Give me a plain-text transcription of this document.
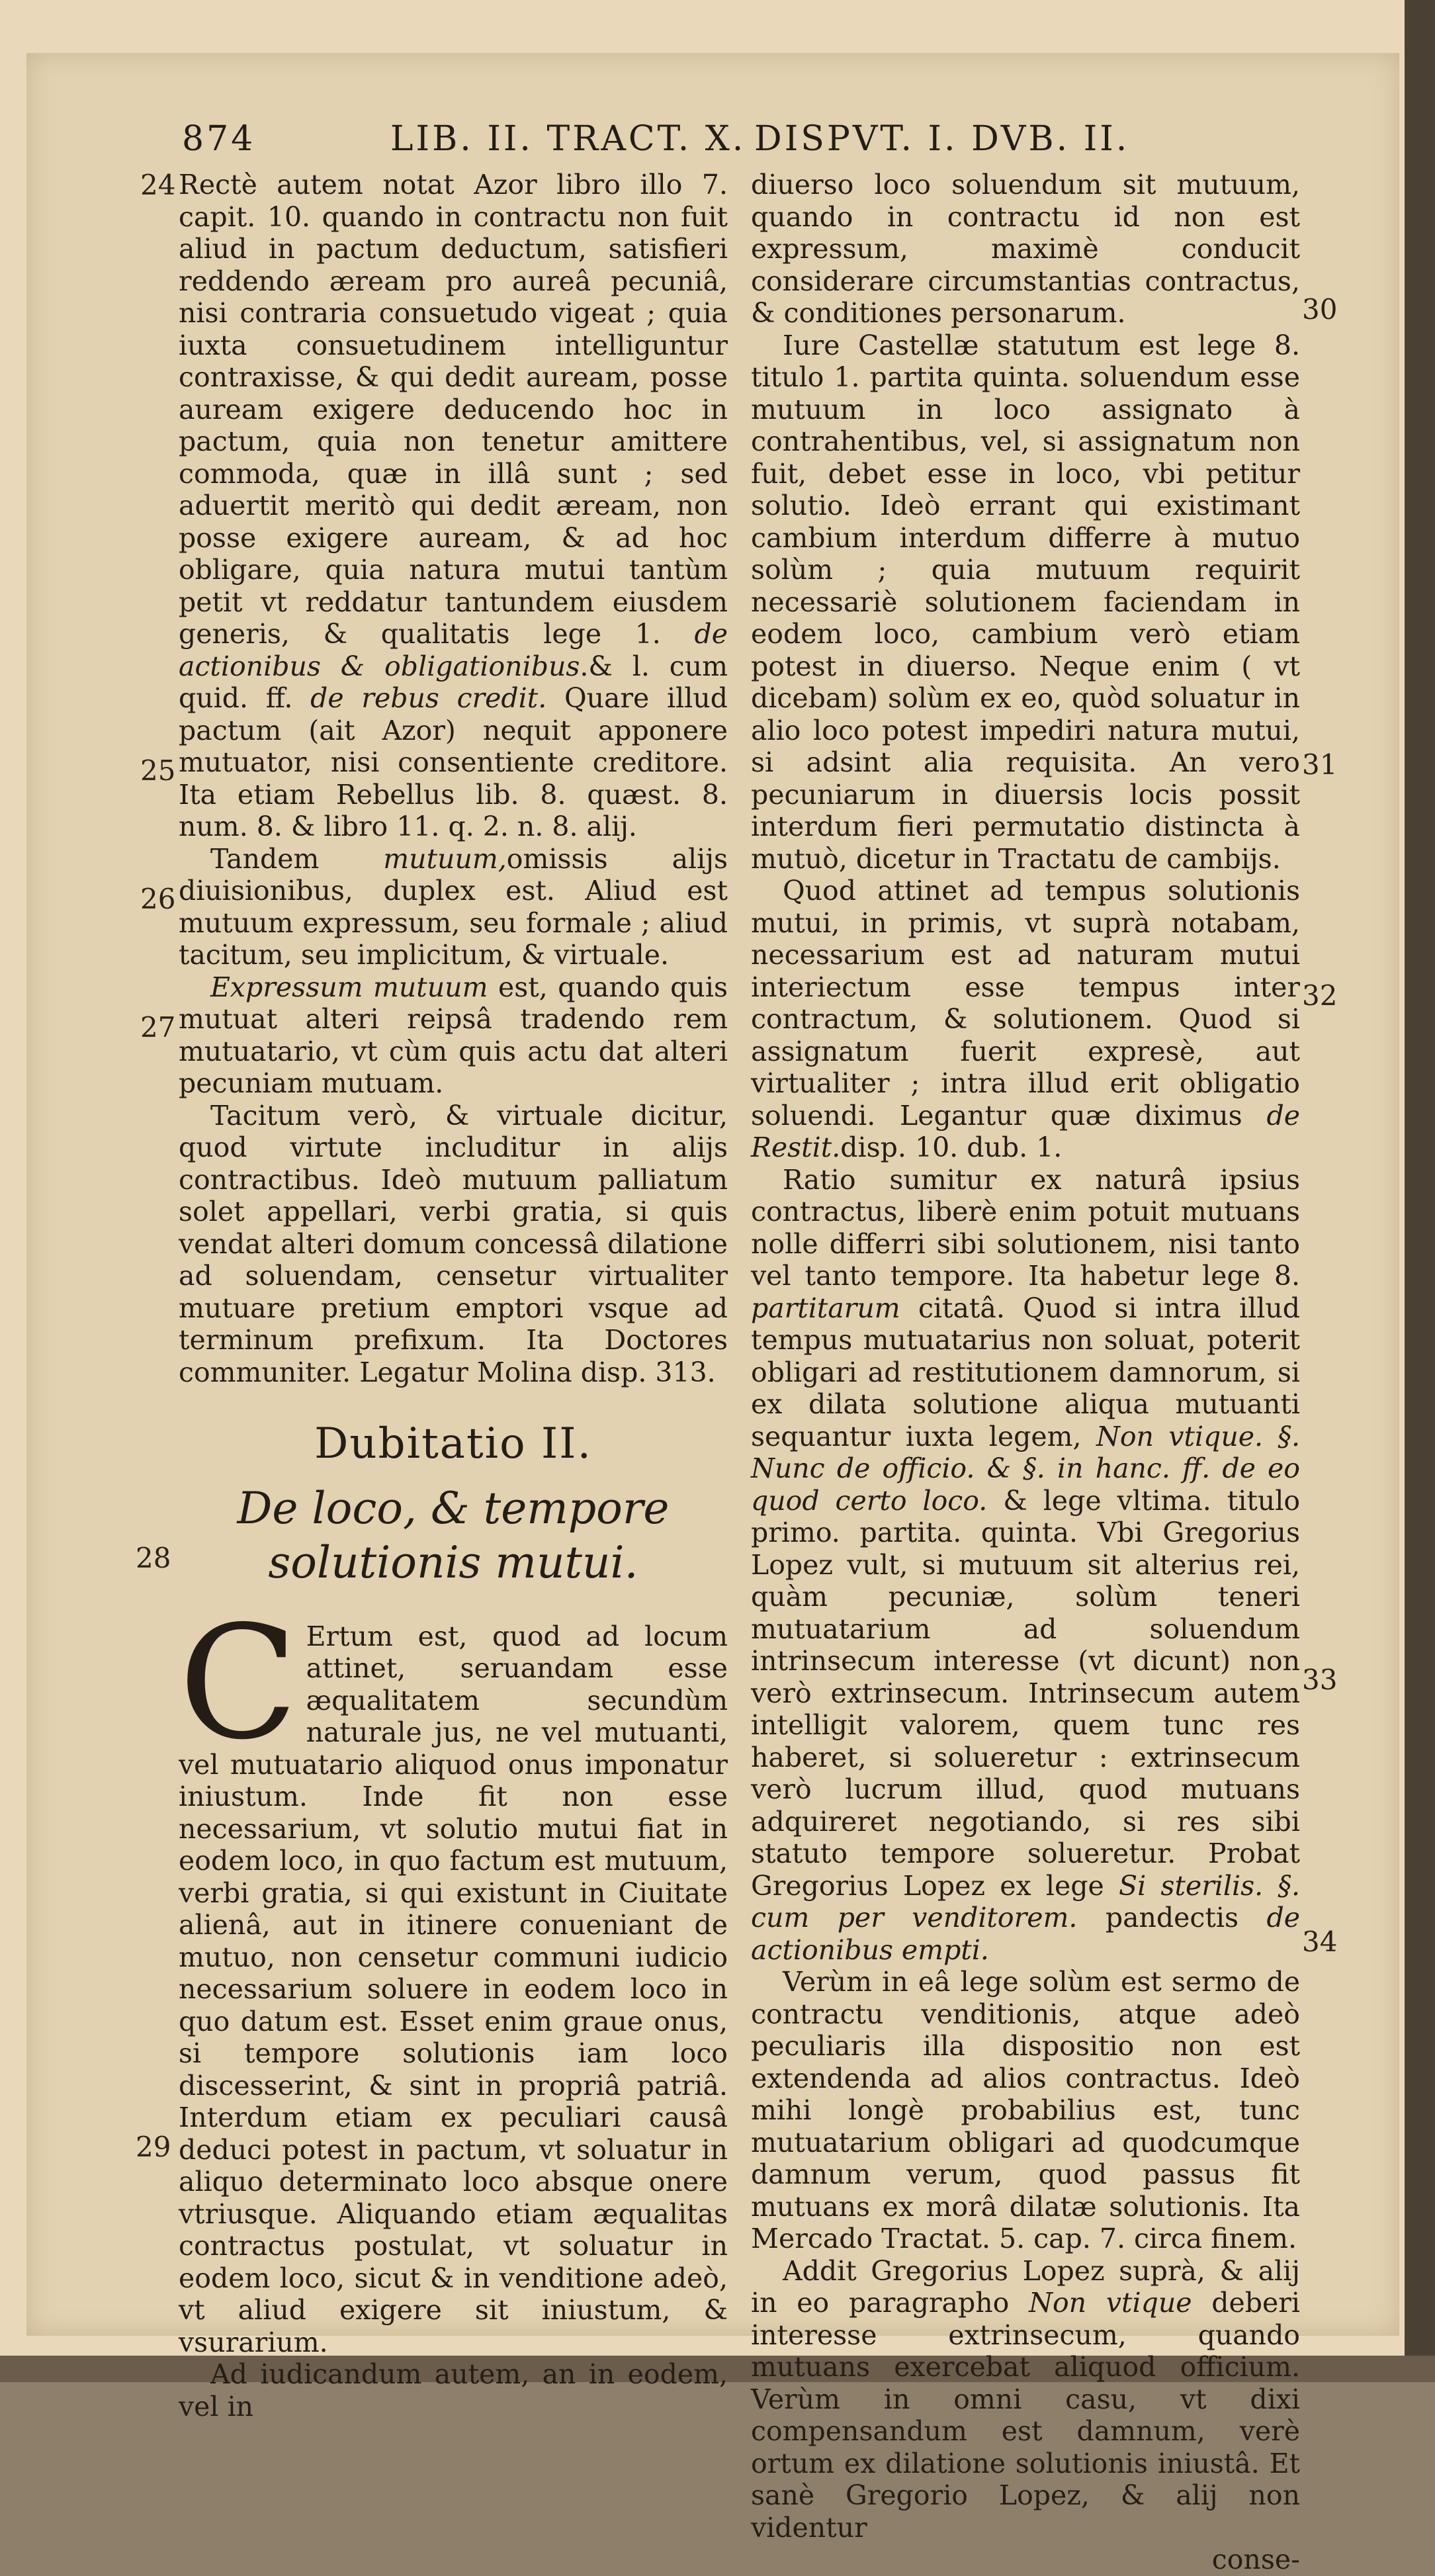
874	LIB. II. TRACT. X. DISPVT. I. DVB. II.
24
25
26
27
28
29
30
31
32
33
34

Rectè autem notat Azor libro illo 7. capit. 10. quando in contractu non fuit aliud in pactum deductum, satisfieri reddendo æream pro aureâ pecuniâ, nisi contraria consuetudo vigeat ; quia iuxta consuetudinem intelliguntur contraxisse, & qui dedit auream, posse auream exigere deducendo hoc in pactum, quia non tenetur amittere commoda, quæ in illâ sunt ; sed aduertit meritò qui dedit æream, non posse exigere auream, & ad hoc obligare, quia natura mutui tantùm petit vt reddatur tantundem eiusdem generis, & qualitatis lege 1. de actionibus & obligationibus.& l. cum quid. ff. de rebus credit. Quare illud pactum (ait Azor) nequit apponere mutuator, nisi consentiente creditore. Ita etiam Rebellus lib. 8. quæst. 8. num. 8. & libro 11. q. 2. n. 8. alij.

Tandem mutuum,omissis alijs diuisionibus, duplex est. Aliud est mutuum expressum, seu formale ; aliud tacitum, seu implicitum, & virtuale.

Expressum mutuum est, quando quis mutuat alteri reipsâ tradendo rem mutuatario, vt cùm quis actu dat alteri pecuniam mutuam.

Tacitum verò, & virtuale dicitur, quod virtute includitur in alijs contractibus. Ideò mutuum palliatum solet appellari, verbi gratia, si quis vendat alteri domum concessâ dilatione ad soluendam, censetur virtualiter mutuare pretium emptori vsque ad terminum prefixum. Ita Doctores communiter. Legatur Molina disp. 313.

Dubitatio II.
De loco, & tempore solutionis mutui.

C Ertum est, quod ad locum attinet, seruandam esse æqualitatem secundùm naturale jus, ne vel mutuanti, vel mutuatario aliquod onus imponatur iniustum. Inde fit non esse necessarium, vt solutio mutui fiat in eodem loco, in quo factum est mutuum, verbi gratia, si qui existunt in Ciuitate alienâ, aut in itinere conueniant de mutuo, non censetur communi iudicio necessarium soluere in eodem loco in quo datum est. Esset enim graue onus, si tempore solutionis iam loco discesserint, & sint in propriâ patriâ. Interdum etiam ex peculiari causâ deduci potest in pactum, vt soluatur in aliquo determinato loco absque onere vtriusque. Aliquando etiam æqualitas contractus postulat, vt soluatur in eodem loco, sicut & in venditione adeò, vt aliud exigere sit iniustum, & vsurarium.

Ad iudicandum autem, an in eodem, vel in

diuerso loco soluendum sit mutuum, quando in contractu id non est expressum, maximè conducit considerare circumstantias contractus, & conditiones personarum.

Iure Castellæ statutum est lege 8. titulo 1. partita quinta. soluendum esse mutuum in loco assignato à contrahentibus, vel, si assignatum non fuit, debet esse in loco, vbi petitur solutio. Ideò errant qui existimant cambium interdum differre à mutuo solùm ; quia mutuum requirit necessariè solutionem faciendam in eodem loco, cambium verò etiam potest in diuerso. Neque enim ( vt dicebam) solùm ex eo, quòd soluatur in alio loco potest impediri natura mutui, si adsint alia requisita. An vero pecuniarum in diuersis locis possit interdum fieri permutatio distincta à mutuò, dicetur in Tractatu de cambijs.

Quod attinet ad tempus solutionis mutui, in primis, vt suprà notabam, necessarium est ad naturam mutui interiectum esse tempus inter contractum, & solutionem. Quod si assignatum fuerit expresè, aut virtualiter ; intra illud erit obligatio soluendi. Legantur quæ diximus de Restit.disp. 10. dub. 1.

Ratio sumitur ex naturâ ipsius contractus, liberè enim potuit mutuans nolle differri sibi solutionem, nisi tanto vel tanto tempore. Ita habetur lege 8. partitarum citatâ. Quod si intra illud tempus mutuatarius non soluat, poterit obligari ad restitutionem damnorum, si ex dilata solutione aliqua mutuanti sequantur iuxta legem, Non vtique. §. Nunc de officio. & §. in hanc. ff. de eo quod certo loco. & lege vltima. titulo primo. partita. quinta. Vbi Gregorius Lopez vult, si mutuum sit alterius rei, quàm pecuniæ, solùm teneri mutuatarium ad soluendum intrinsecum interesse (vt dicunt) non verò extrinsecum. Intrinsecum autem intelligit valorem, quem tunc res haberet, si solueretur : extrinsecum verò lucrum illud, quod mutuans adquireret negotiando, si res sibi statuto tempore solueretur. Probat Gregorius Lopez ex lege Si sterilis. §. cum per venditorem. pandectis de actionibus empti.

Verùm in eâ lege solùm est sermo de contractu venditionis, atque adeò peculiaris illa dispositio non est extendenda ad alios contractus. Ideò mihi longè probabilius est, tunc mutuatarium obligari ad quodcumque damnum verum, quod passus fit mutuans ex morâ dilatæ solutionis. Ita Mercado Tractat. 5. cap. 7. circa finem.

Addit Gregorius Lopez suprà, & alij in eo paragrapho Non vtique deberi interesse extrinsecum, quando mutuans exercebat aliquod officium. Verùm in omni casu, vt dixi compensandum est damnum, verè ortum ex dilatione solutionis iniustâ. Et sanè Gregorio Lopez, & alij non videntur

conse-
